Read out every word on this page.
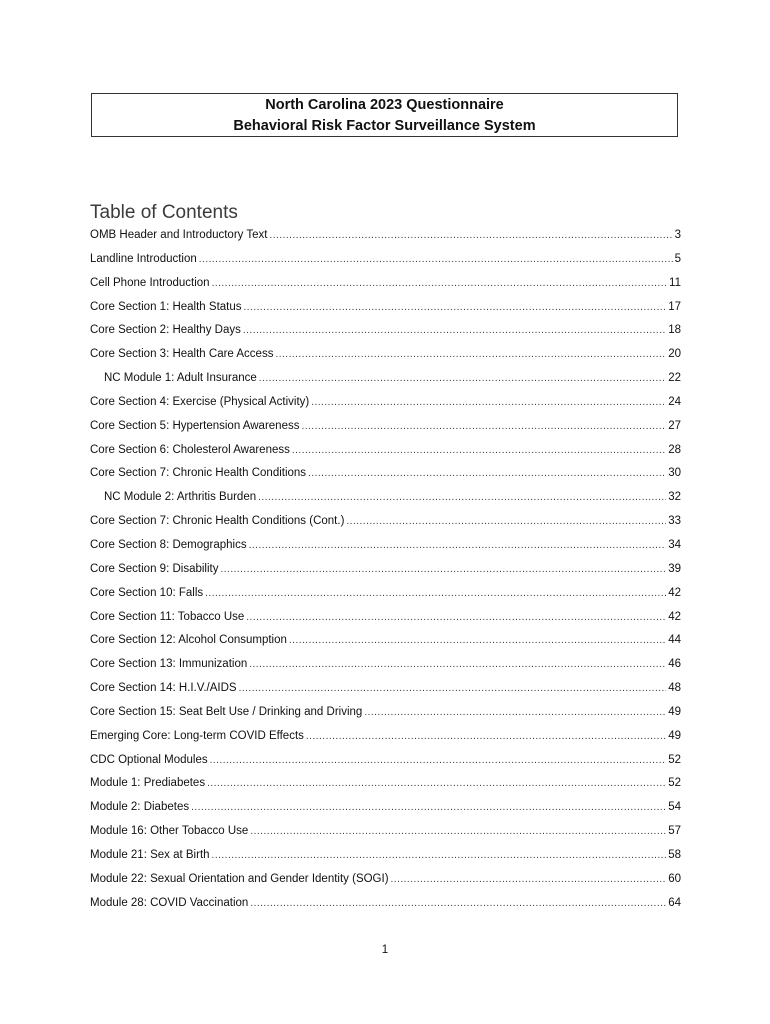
North Carolina 2023 Questionnaire
Behavioral Risk Factor Surveillance System
Table of Contents
OMB Header and Introductory Text .....	3
Landline Introduction .....	5
Cell Phone Introduction .....	11
Core Section 1: Health Status .....	17
Core Section 2: Healthy Days .....	18
Core Section 3: Health Care Access .....	20
NC Module 1: Adult Insurance .....	22
Core Section 4: Exercise (Physical Activity) .....	24
Core Section 5: Hypertension Awareness .....	27
Core Section 6: Cholesterol Awareness .....	28
Core Section 7: Chronic Health Conditions .....	30
NC Module 2: Arthritis Burden .....	32
Core Section 7: Chronic Health Conditions (Cont.) .....	33
Core Section 8: Demographics .....	34
Core Section 9: Disability .....	39
Core Section 10: Falls .....	42
Core Section 11: Tobacco Use .....	42
Core Section 12: Alcohol Consumption .....	44
Core Section 13: Immunization .....	46
Core Section 14: H.I.V./AIDS .....	48
Core Section 15: Seat Belt Use / Drinking and Driving .....	49
Emerging Core: Long-term COVID Effects .....	49
CDC Optional Modules .....	52
Module 1: Prediabetes .....	52
Module 2: Diabetes .....	54
Module 16: Other Tobacco Use .....	57
Module 21: Sex at Birth .....	58
Module 22: Sexual Orientation and Gender Identity (SOGI) .....	60
Module 28: COVID Vaccination .....	64
1
